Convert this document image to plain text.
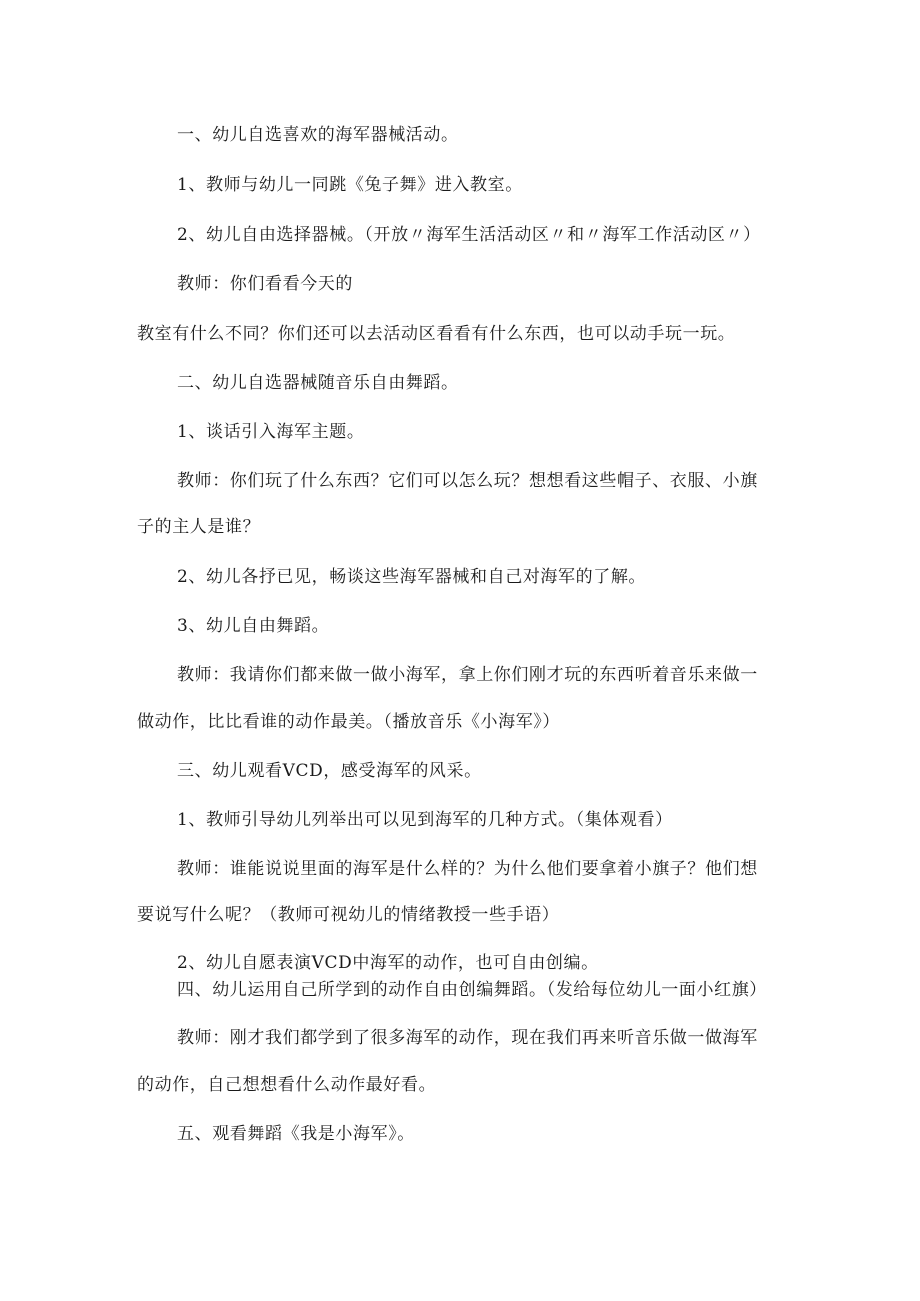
一、幼儿自选喜欢的海军器械活动。
1、教师与幼儿一同跳《兔子舞》进入教室。
2、幼儿自由选择器械。（开放〃海军生活活动区〃和〃海军工作活动区〃）
教师：你们看看今天的
教室有什么不同？你们还可以去活动区看看有什么东西，也可以动手玩一玩。
二、幼儿自选器械随音乐自由舞蹈。
1、谈话引入海军主题。
教师：你们玩了什么东西？它们可以怎么玩？想想看这些帽子、衣服、小旗
子的主人是谁？
2、幼儿各抒已见，畅谈这些海军器械和自己对海军的了解。
3、幼儿自由舞蹈。
教师：我请你们都来做一做小海军，拿上你们刚才玩的东西听着音乐来做一
做动作，比比看谁的动作最美。（播放音乐《小海军》）
三、幼儿观看VCD，感受海军的风采。
1、教师引导幼儿列举出可以见到海军的几种方式。（集体观看）
教师：谁能说说里面的海军是什么样的？为什么他们要拿着小旗子？他们想
要说写什么呢？（教师可视幼儿的情绪教授一些手语）
2、幼儿自愿表演VCD中海军的动作，也可自由创编。
四、幼儿运用自己所学到的动作自由创编舞蹈。（发给每位幼儿一面小红旗）
教师：刚才我们都学到了很多海军的动作，现在我们再来听音乐做一做海军
的动作，自己想想看什么动作最好看。
五、观看舞蹈《我是小海军》。
